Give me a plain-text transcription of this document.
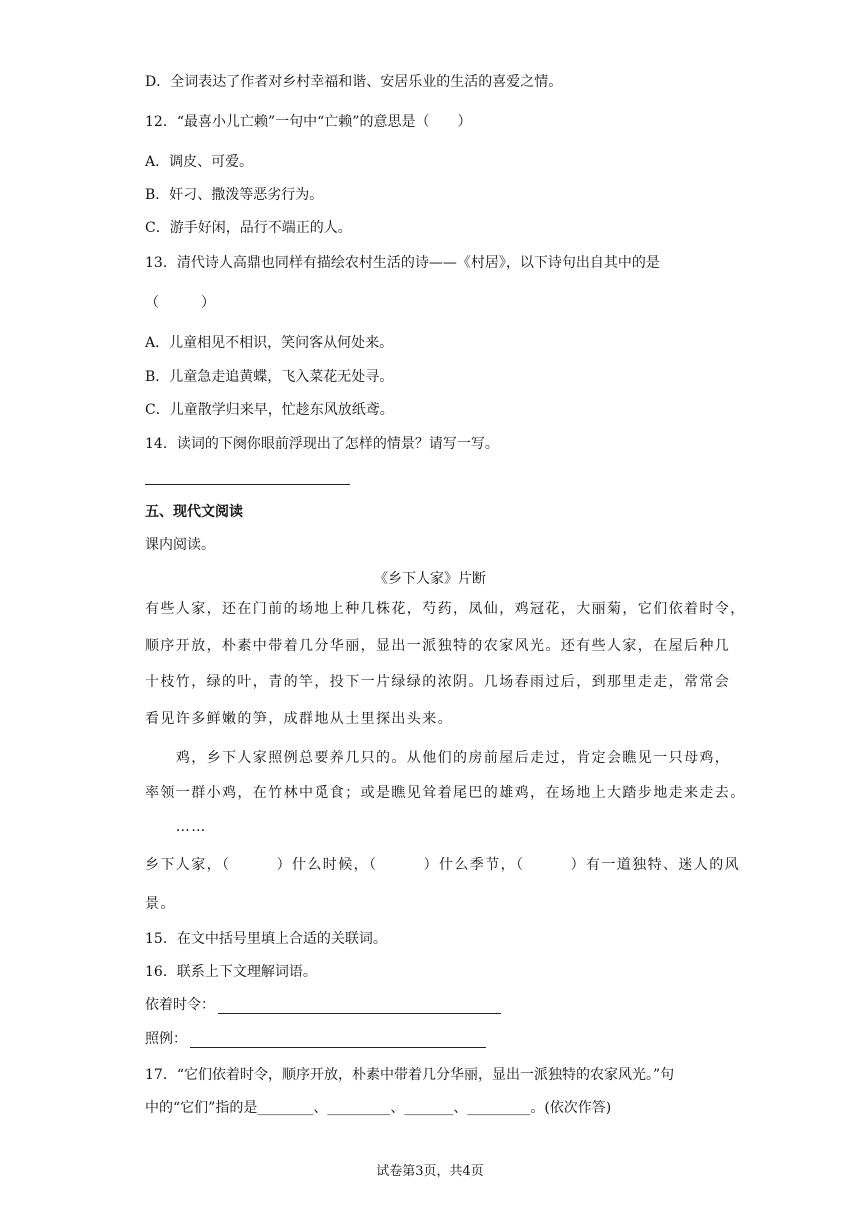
D．全词表达了作者对乡村幸福和谐、安居乐业的生活的喜爱之情。
12．“最喜小儿亡赖”一句中“亡赖”的意思是（　　）
A．调皮、可爱。
B．奸刁、撒泼等恶劣行为。
C．游手好闲，品行不端正的人。
13．清代诗人高鼎也同样有描绘农村生活的诗——《村居》，以下诗句出自其中的是
（　　　）
A．儿童相见不相识，笑问客从何处来。
B．儿童急走追黄蝶，飞入菜花无处寻。
C．儿童散学归来早，忙趁东风放纸鸢。
14．读词的下阕你眼前浮现出了怎样的情景？请写一写。
五、现代文阅读
课内阅读。
《乡下人家》片断
有些人家，还在门前的场地上种几株花，芍药，凤仙，鸡冠花，大丽菊，它们依着时令，
顺序开放，朴素中带着几分华丽，显出一派独特的农家风光。还有些人家，在屋后种几
十枝竹，绿的叶，青的竿，投下一片绿绿的浓阴。几场春雨过后，到那里走走，常常会
看见许多鲜嫩的笋，成群地从土里探出头来。
　　鸡，乡下人家照例总要养几只的。从他们的房前屋后走过，肯定会瞧见一只母鸡，
率领一群小鸡，在竹林中觅食；或是瞧见耸着尾巴的雄鸡，在场地上大踏步地走来走去。
　　……
乡下人家，（　　　）什么时候，（　　　）什么季节，（　　　）有一道独特、迷人的风
景。
15．在文中括号里填上合适的关联词。
16．联系上下文理解词语。
依着时令：
照例：
17．“它们依着时令，顺序开放，朴素中带着几分华丽，显出一派独特的农家风光。”句
中的“它们”指的是________、_________、_______、_________。(依次作答)
试卷第3页，共4页
